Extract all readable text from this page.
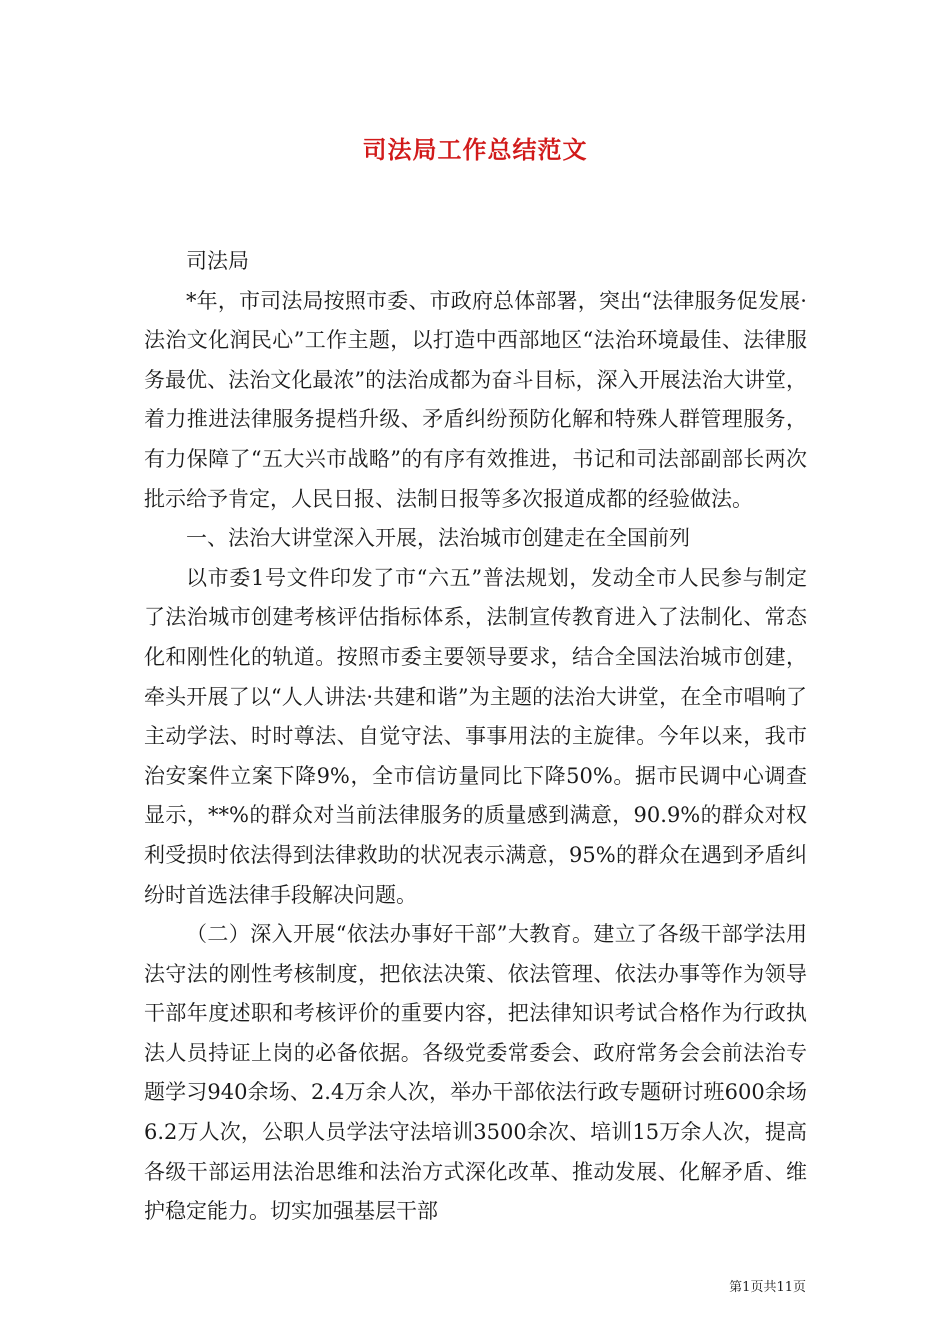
司法局工作总结范文

司法局

*年，市司法局按照市委、市政府总体部署，突出“法律服务促发展·法治文化润民心”工作主题，以打造中西部地区“法治环境最佳、法律服务最优、法治文化最浓”的法治成都为奋斗目标，深入开展法治大讲堂，着力推进法律服务提档升级、矛盾纠纷预防化解和特殊人群管理服务，有力保障了“五大兴市战略”的有序有效推进，书记和司法部副部长两次批示给予肯定，人民日报、法制日报等多次报道成都的经验做法。

一、法治大讲堂深入开展，法治城市创建走在全国前列

以市委1号文件印发了市“六五”普法规划，发动全市人民参与制定了法治城市创建考核评估指标体系，法制宣传教育进入了法制化、常态化和刚性化的轨道。按照市委主要领导要求，结合全国法治城市创建，牵头开展了以“人人讲法·共建和谐”为主题的法治大讲堂，在全市唱响了主动学法、时时尊法、自觉守法、事事用法的主旋律。今年以来，我市治安案件立案下降9%，全市信访量同比下降50%。据市民调中心调查显示，**%的群众对当前法律服务的质量感到满意，90.9%的群众对权利受损时依法得到法律救助的状况表示满意，95%的群众在遇到矛盾纠纷时首选法律手段解决问题。

（二）深入开展“依法办事好干部”大教育。建立了各级干部学法用法守法的刚性考核制度，把依法决策、依法管理、依法办事等作为领导干部年度述职和考核评价的重要内容，把法律知识考试合格作为行政执法人员持证上岗的必备依据。各级党委常委会、政府常务会会前法治专题学习940余场、2.4万余人次，举办干部依法行政专题研讨班600余场6.2万人次，公职人员学法守法培训3500余次、培训15万余人次，提高各级干部运用法治思维和法治方式深化改革、推动发展、化解矛盾、维护稳定能力。切实加强基层干部

第1页共11页
